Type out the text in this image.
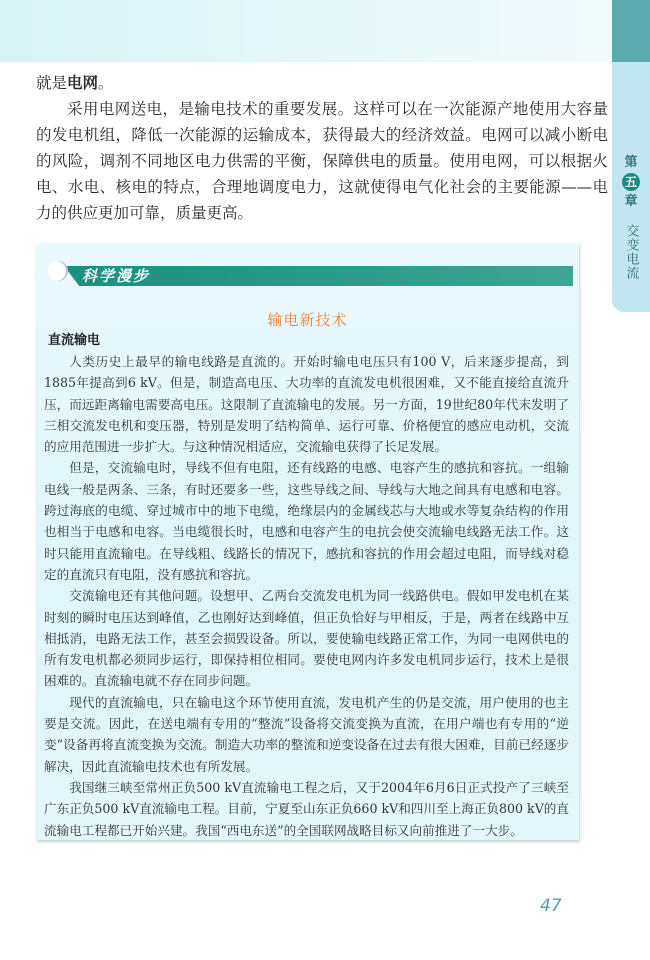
第
五
章
交变电流

就是电网。

采用电网送电，是输电技术的重要发展。这样可以在一次能源产地使用大容量的发电机组，降低一次能源的运输成本，获得最大的经济效益。电网可以减小断电的风险，调剂不同地区电力供需的平衡，保障供电的质量。使用电网，可以根据火电、水电、核电的特点，合理地调度电力，这就使得电气化社会的主要能源——电力的供应更加可靠，质量更高。

科学漫步
输电新技术
直流输电

人类历史上最早的输电线路是直流的。开始时输电电压只有100 V，后来逐步提高，到1885年提高到6 kV。但是，制造高电压、大功率的直流发电机很困难，又不能直接给直流升压，而远距离输电需要高电压。这限制了直流输电的发展。另一方面，19世纪80年代末发明了三相交流发电机和变压器，特别是发明了结构简单、运行可靠、价格便宜的感应电动机，交流的应用范围进一步扩大。与这种情况相适应，交流输电获得了长足发展。

但是，交流输电时，导线不但有电阻，还有线路的电感、电容产生的感抗和容抗。一组输电线一般是两条、三条，有时还要多一些，这些导线之间、导线与大地之间具有电感和电容。跨过海底的电缆、穿过城市中的地下电缆，绝缘层内的金属线芯与大地或水等复杂结构的作用也相当于电感和电容。当电缆很长时，电感和电容产生的电抗会使交流输电线路无法工作。这时只能用直流输电。在导线粗、线路长的情况下，感抗和容抗的作用会超过电阻，而导线对稳定的直流只有电阻，没有感抗和容抗。

交流输电还有其他问题。设想甲、乙两台交流发电机为同一线路供电。假如甲发电机在某时刻的瞬时电压达到峰值，乙也刚好达到峰值，但正负恰好与甲相反，于是，两者在线路中互相抵消，电路无法工作，甚至会损毁设备。所以，要使输电线路正常工作，为同一电网供电的所有发电机都必须同步运行，即保持相位相同。要使电网内许多发电机同步运行，技术上是很困难的。直流输电就不存在同步问题。

现代的直流输电，只在输电这个环节使用直流，发电机产生的仍是交流，用户使用的也主要是交流。因此，在送电端有专用的“整流”设备将交流变换为直流，在用户端也有专用的“逆变”设备再将直流变换为交流。制造大功率的整流和逆变设备在过去有很大困难，目前已经逐步解决，因此直流输电技术也有所发展。

我国继三峡至常州正负500 kV直流输电工程之后，又于2004年6月6日正式投产了三峡至广东正负500 kV直流输电工程。目前，宁夏至山东正负660 kV和四川至上海正负800 kV的直流输电工程都已开始兴建。我国“西电东送”的全国联网战略目标又向前推进了一大步。

47
